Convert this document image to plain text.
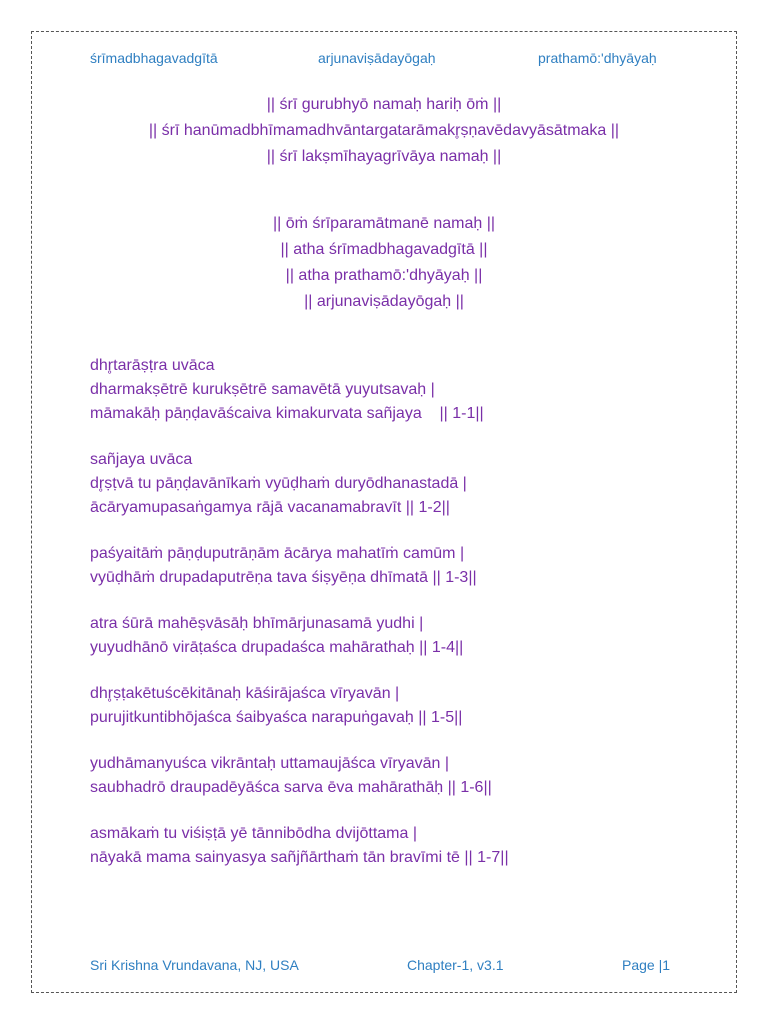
śrīmadbhagavadgītā	arjunaviṣādayōgaḥ	prathamō:'dhyāyaḥ
|| śrī gurubhyō namaḥ hariḥ ōṁ ||
|| śrī hanūmadbhīmamadhvāntargatarāmakr̥ṣṇavēdavyāsātmaka ||
|| śrī lakṣmīhayagrīvāya namaḥ ||
|| ōṁ śrīparamātmanē namaḥ ||
|| atha śrīmadbhagavadgītā ||
|| atha prathamō:'dhyāyaḥ ||
|| arjunaviṣādayōgaḥ ||
dhr̥tarāṣṭra uvāca
dharmakṣētrē kurukṣētrē samavētā yuyutsavaḥ |
māmakāḥ pāṇḍavāścaiva kimakurvata sañjaya    || 1-1||
sañjaya uvāca
dr̥ṣṭvā tu pāṇḍavānīkaṁ vyūḍhaṁ duryōdhanastadā |
ācāryamupasaṅgamya rājā vacanamabravīt || 1-2||
paśyaitāṁ pāṇḍuputrāṇām ācārya mahatīṁ camūm |
vyūḍhāṁ drupadaputrēṇa tava śiṣyēṇa dhīmatā || 1-3||
atra śūrā mahēṣvāsāḥ bhīmārjunasamā yudhi |
yuyudhānō virāṭaśca drupadaśca mahārathaḥ || 1-4||
dhr̥ṣṭakētuścēkitānaḥ kāśirājaśca vīryavān |
purujitkuntibhōjaśca śaibyaśca narapuṅgavaḥ || 1-5||
yudhāmanyuśca vikrāntaḥ uttamaujāśca vīryavān |
saubhadrō draupadēyāśca sarva ēva mahārathāḥ || 1-6||
asmākaṁ tu viśiṣṭā yē tānnibōdha dvijōttama |
nāyakā mama sainyasya sañjñārthaṁ tān bravīmi tē || 1-7||
Sri Krishna Vrundavana, NJ, USA	Chapter-1, v3.1	Page |1
